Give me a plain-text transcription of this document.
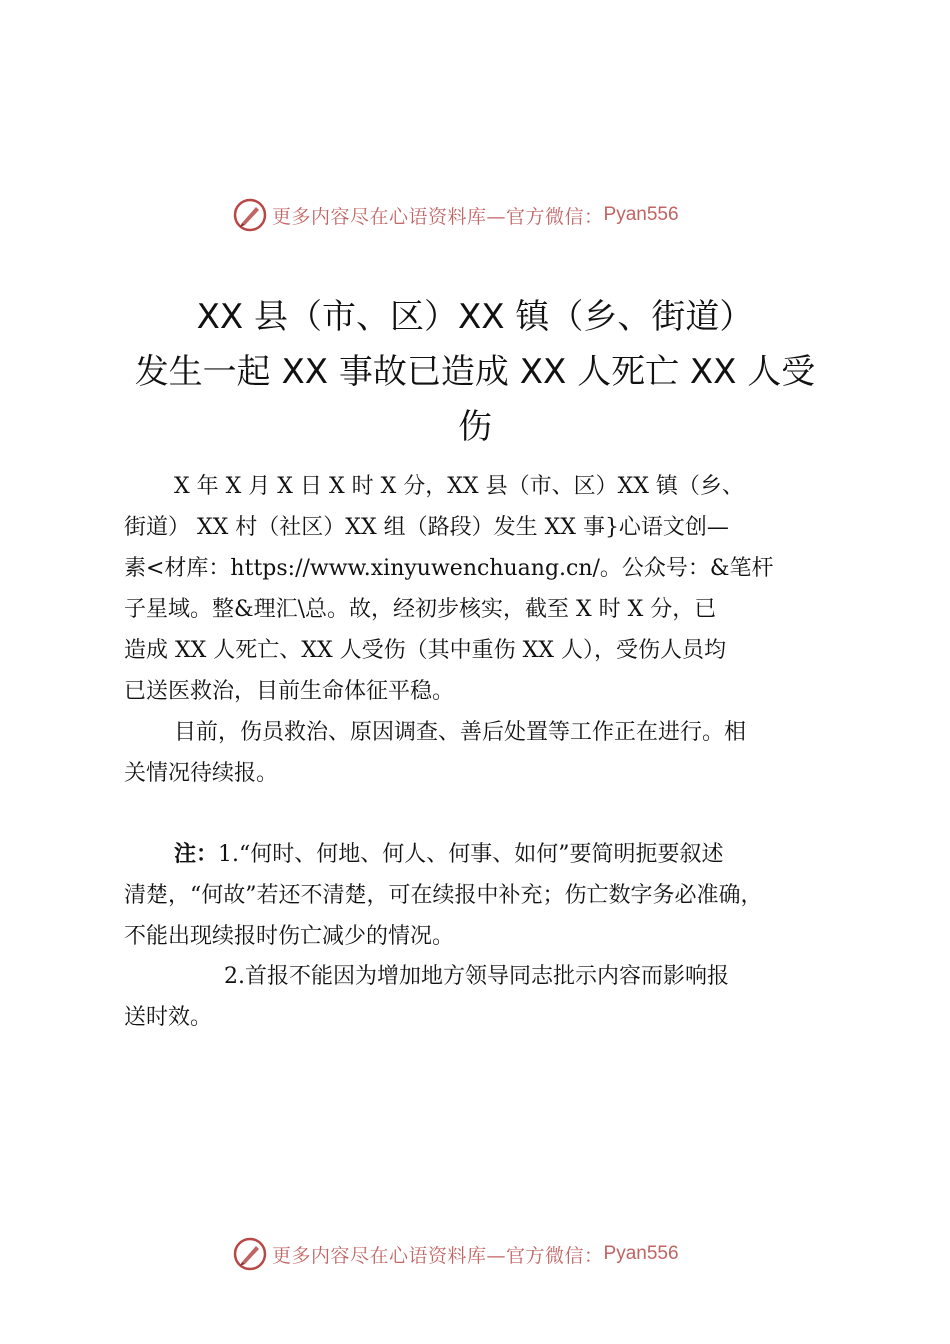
更多内容尽在心语资料库—官方微信： Pyan556
XX 县（市、区）XX 镇（乡、街道）
发生一起 XX 事故已造成 XX 人死亡 XX 人受
伤
X 年 X 月 X 日 X 时 X 分，XX 县（市、区）XX 镇（乡、
街道） XX 村（社区）XX 组（路段）发生 XX 事}心语文创—
素<材库：https://www.xinyuwenchuang.cn/。公众号：&笔杆
子星域。整&理汇\总。故，经初步核实，截至 X 时 X 分，已
造成 XX 人死亡、XX 人受伤（其中重伤 XX 人），受伤人员均
已送医救治，目前生命体征平稳。
目前，伤员救治、原因调查、善后处置等工作正在进行。相
关情况待续报。
注：1.“何时、何地、何人、何事、如何”要简明扼要叙述
清楚，“何故”若还不清楚，可在续报中补充；伤亡数字务必准确，
不能出现续报时伤亡减少的情况。
2.首报不能因为增加地方领导同志批示内容而影响报
送时效。
更多内容尽在心语资料库—官方微信： Pyan556
